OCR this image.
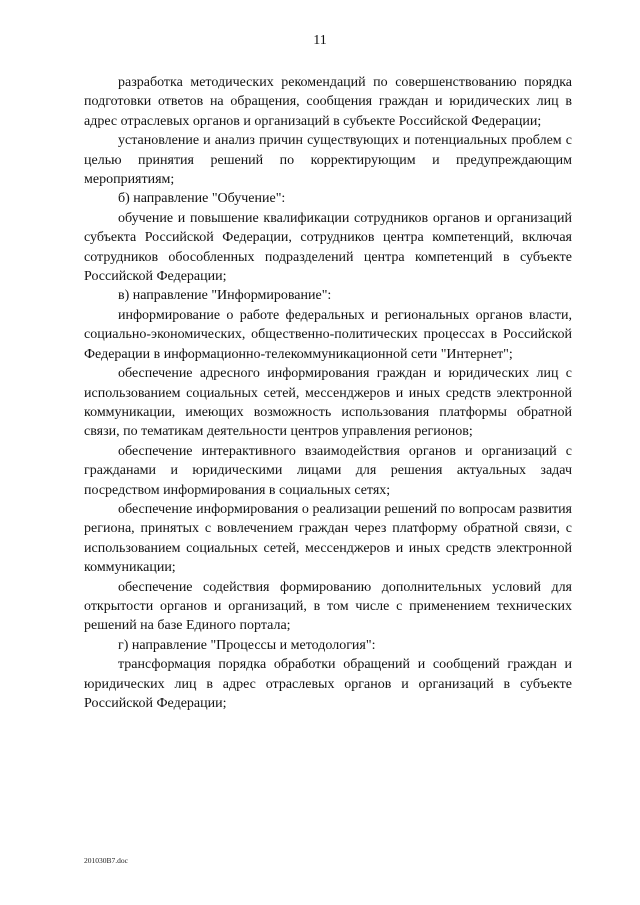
11

разработка методических рекомендаций по совершенствованию порядка подготовки ответов на обращения, сообщения граждан и юридических лиц в адрес отраслевых органов и организаций в субъекте Российской Федерации;

установление и анализ причин существующих и потенциальных проблем с целью принятия решений по корректирующим и предупреждающим мероприятиям;

б) направление "Обучение":

обучение и повышение квалификации сотрудников органов и организаций субъекта Российской Федерации, сотрудников центра компетенций, включая сотрудников обособленных подразделений центра компетенций в субъекте Российской Федерации;

в) направление "Информирование":

информирование о работе федеральных и региональных органов власти, социально-экономических, общественно-политических процессах в Российской Федерации в информационно-телекоммуникационной сети "Интернет";

обеспечение адресного информирования граждан и юридических лиц с использованием социальных сетей, мессенджеров и иных средств электронной коммуникации, имеющих возможность использования платформы обратной связи, по тематикам деятельности центров управления регионов;

обеспечение интерактивного взаимодействия органов и организаций с гражданами и юридическими лицами для решения актуальных задач посредством информирования в социальных сетях;

обеспечение информирования о реализации решений по вопросам развития региона, принятых с вовлечением граждан через платформу обратной связи, с использованием социальных сетей, мессенджеров и иных средств электронной коммуникации;

обеспечение содействия формированию дополнительных условий для открытости органов и организаций, в том числе с применением технических решений на базе Единого портала;

г) направление "Процессы и методология":

трансформация порядка обработки обращений и сообщений граждан и юридических лиц в адрес отраслевых органов и организаций в субъекте Российской Федерации;

201030B7.doc
